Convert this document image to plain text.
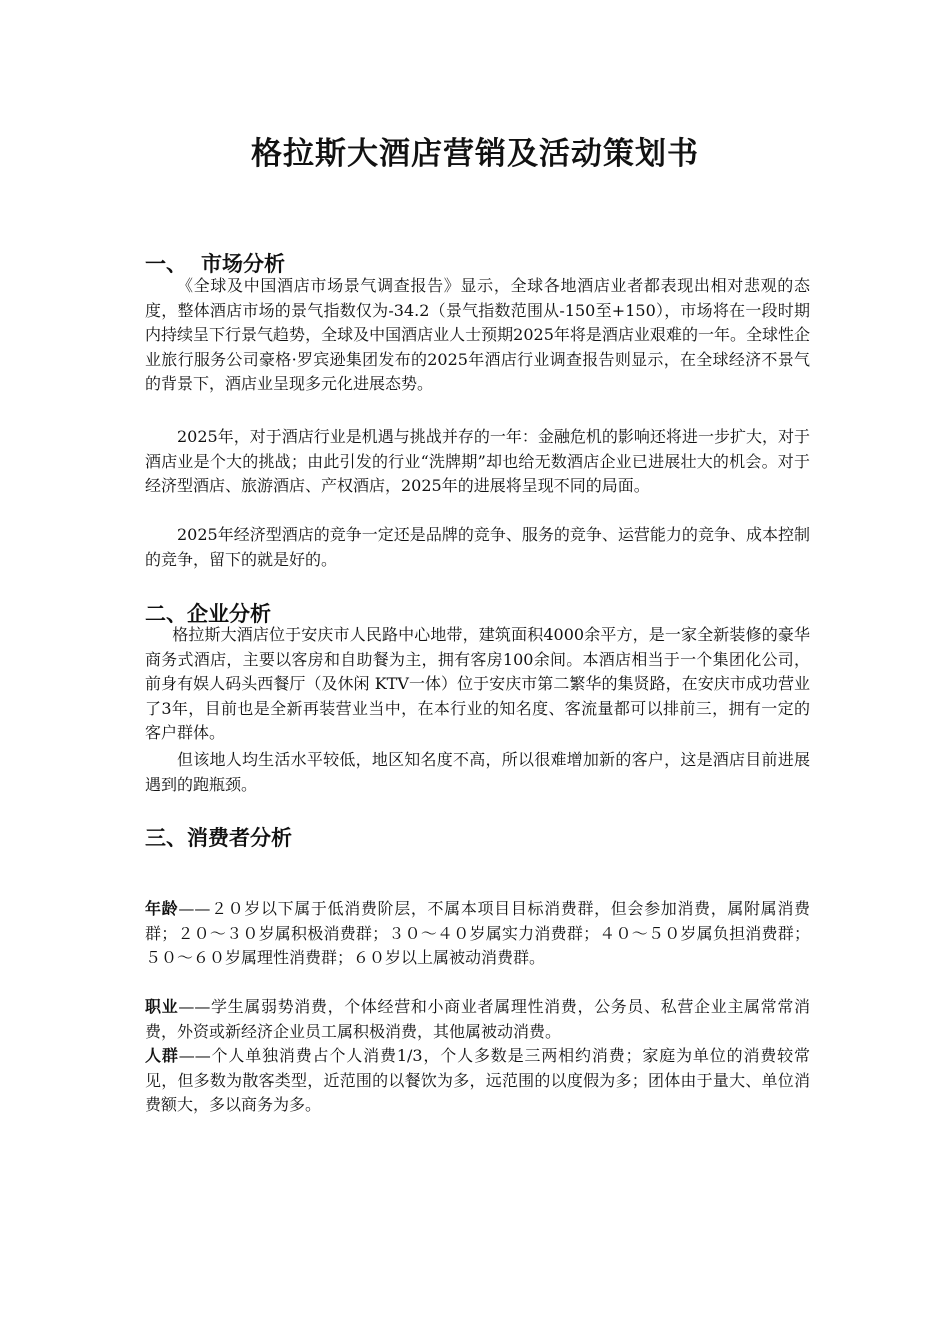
格拉斯大酒店营销及活动策划书
一、 市场分析

《全球及中国酒店市场景气调查报告》显示，全球各地酒店业者都表现出相对悲观的态度，整体酒店市场的景气指数仅为-34.2（景气指数范围从-150至+150），市场将在一段时期内持续呈下行景气趋势，全球及中国酒店业人士预期2025年将是酒店业艰难的一年。全球性企业旅行服务公司豪格·罗宾逊集团发布的2025年酒店行业调查报告则显示，在全球经济不景气的背景下，酒店业呈现多元化进展态势。

2025年，对于酒店行业是机遇与挑战并存的一年：金融危机的影响还将进一步扩大，对于酒店业是个大的挑战；由此引发的行业“洗牌期”却也给无数酒店企业已进展壮大的机会。对于经济型酒店、旅游酒店、产权酒店，2025年的进展将呈现不同的局面。

2025年经济型酒店的竞争一定还是品牌的竞争、服务的竞争、运营能力的竞争、成本控制的竞争，留下的就是好的。

二、企业分析

格拉斯大酒店位于安庆市人民路中心地带，建筑面积4000余平方，是一家全新装修的豪华商务式酒店，主要以客房和自助餐为主，拥有客房100余间。本酒店相当于一个集团化公司，前身有娱人码头西餐厅（及休闲 KTV一体）位于安庆市第二繁华的集贤路，在安庆市成功营业了3年，目前也是全新再装营业当中，在本行业的知名度、客流量都可以排前三，拥有一定的客户群体。

但该地人均生活水平较低，地区知名度不高，所以很难增加新的客户，这是酒店目前进展遇到的跑瓶颈。

三、消费者分析

年龄——２０岁以下属于低消费阶层，不属本项目目标消费群，但会参加消费，属附属消费群；２０～３０岁属积极消费群；３０～４０岁属实力消费群；４０～５０岁属负担消费群；５０～６０岁属理性消费群；６０岁以上属被动消费群。

职业——学生属弱势消费，个体经营和小商业者属理性消费，公务员、私营企业主属常常消费，外资或新经济企业员工属积极消费，其他属被动消费。

人群——个人单独消费占个人消费1/3，个人多数是三两相约消费；家庭为单位的消费较常见，但多数为散客类型，近范围的以餐饮为多，远范围的以度假为多；团体由于量大、单位消费额大，多以商务为多。
